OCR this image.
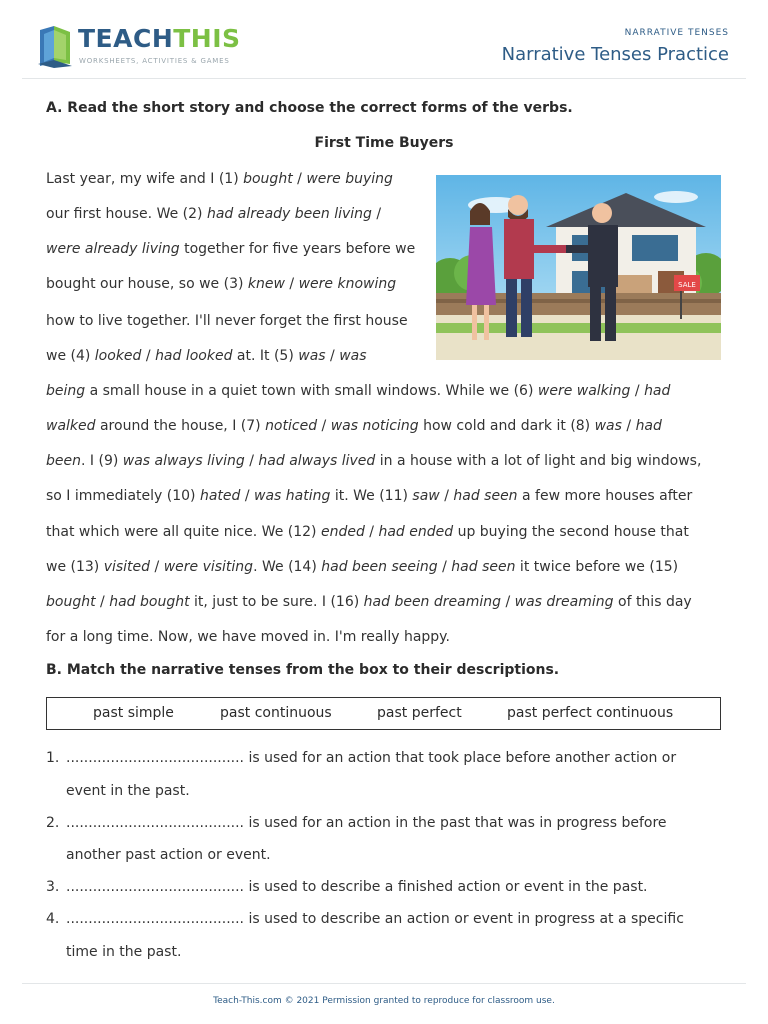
TEACHTHIS
WORKSHEETS, ACTIVITIES & GAMES
NARRATIVE TENSES
Narrative Tenses Practice
A. Read the short story and choose the correct forms of the verbs.
First Time Buyers
Last year, my wife and I (1) bought / were buying
our first house. We (2) had already been living /
were already living together for five years before we
bought our house, so we (3) knew / were knowing
how to live together. I'll never forget the first house
we (4) looked / had looked at. It (5) was / was
being a small house in a quiet town with small windows. While we (6) were walking / had
walked around the house, I (7) noticed / was noticing how cold and dark it (8) was / had
been. I (9) was always living / had always lived in a house with a lot of light and big windows,
so I immediately (10) hated / was hating it. We (11) saw / had seen a few more houses after
that which were all quite nice. We (12) ended / had ended up buying the second house that
we (13) visited / were visiting. We (14) had been seeing / had seen it twice before we (15)
bought / had bought it, just to be sure. I (16) had been dreaming / was dreaming of this day
for a long time. Now, we have moved in. I'm really happy.
SALE
B. Match the narrative tenses from the box to their descriptions.
past simple	past continuous	past perfect	past perfect continuous
1. ........................................ is used for an action that took place before another action or
event in the past.
2. ........................................ is used for an action in the past that was in progress before
another past action or event.
3. ........................................ is used to describe a finished action or event in the past.
4. ........................................ is used to describe an action or event in progress at a specific
time in the past.
Teach-This.com © 2021 Permission granted to reproduce for classroom use.
